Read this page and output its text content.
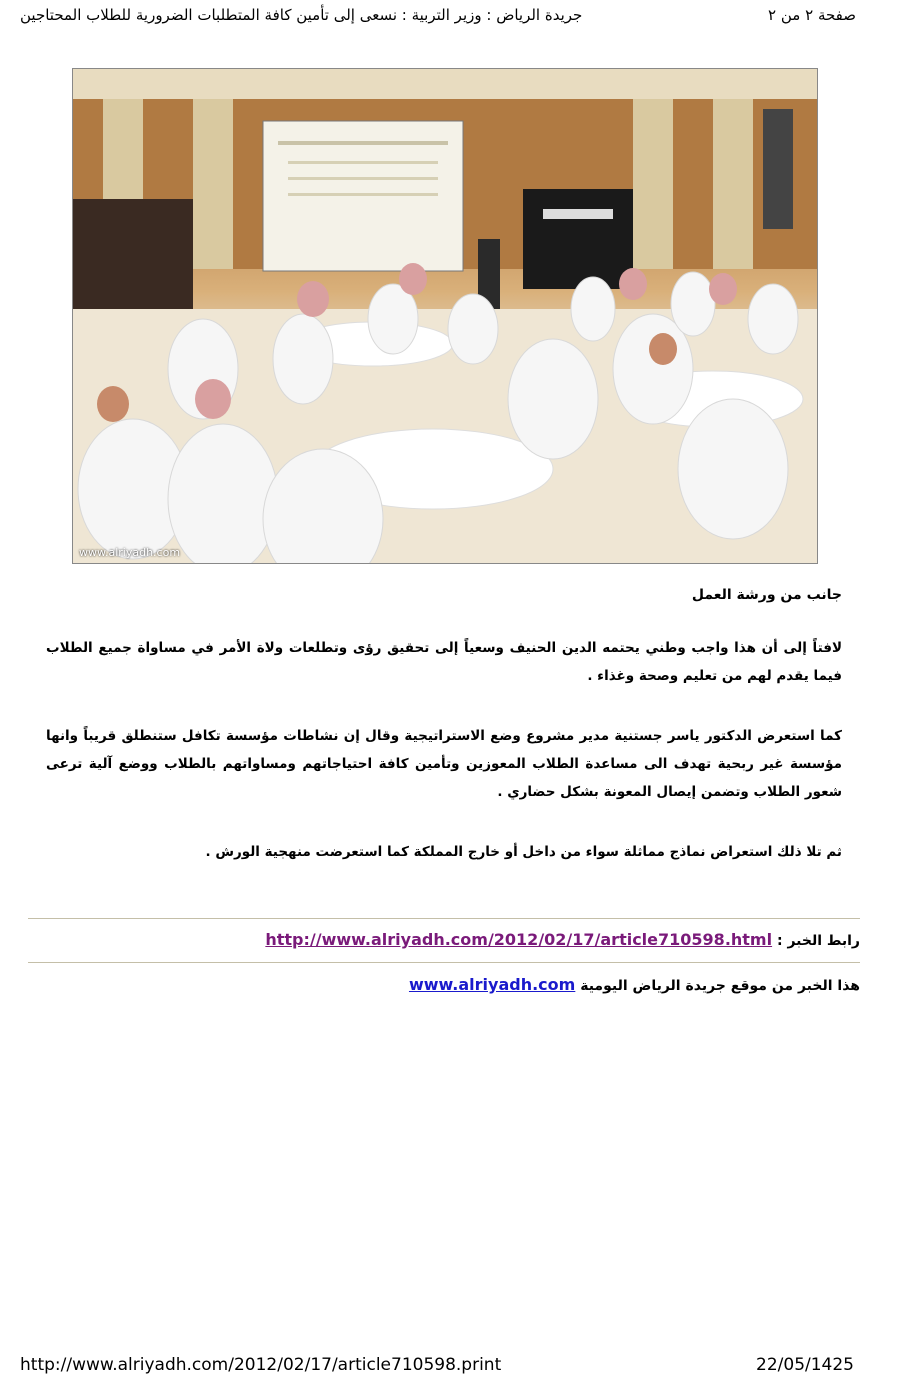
صفحة ٢ من ٢
جريدة الرياض : وزير التربية : نسعى إلى تأمين كافة المتطلبات الضرورية للطلاب المحتاجين
www.alriyadh.com
جانب من ورشة العمل

لافتاً إلى أن هذا واجب وطني يحتمه الدين الحنيف وسعياً إلى تحقيق رؤى وتطلعات ولاة الأمر في مساواة جميع الطلاب فيما يقدم لهم من تعليم وصحة وغذاء .

كما استعرض الدكتور ياسر جستنية مدير مشروع وضع الاستراتيجية وقال إن نشاطات مؤسسة تكافل ستنطلق قريباً وانها مؤسسة غير ربحية تهدف الى مساعدة الطلاب المعوزين وتأمين كافة احتياجاتهم ومساواتهم بالطلاب ووضع آلية ترعى شعور الطلاب وتضمن إيصال المعونة بشكل حضاري .

ثم تلا ذلك استعراض نماذج مماثلة سواء من داخل أو خارج المملكة كما استعرضت منهجية الورش .

رابط الخبر : http://www.alriyadh.com/2012/02/17/article710598.html
هذا الخبر من موقع جريدة الرياض اليومية www.alriyadh.com
http://www.alriyadh.com/2012/02/17/article710598.print	22/05/1425
